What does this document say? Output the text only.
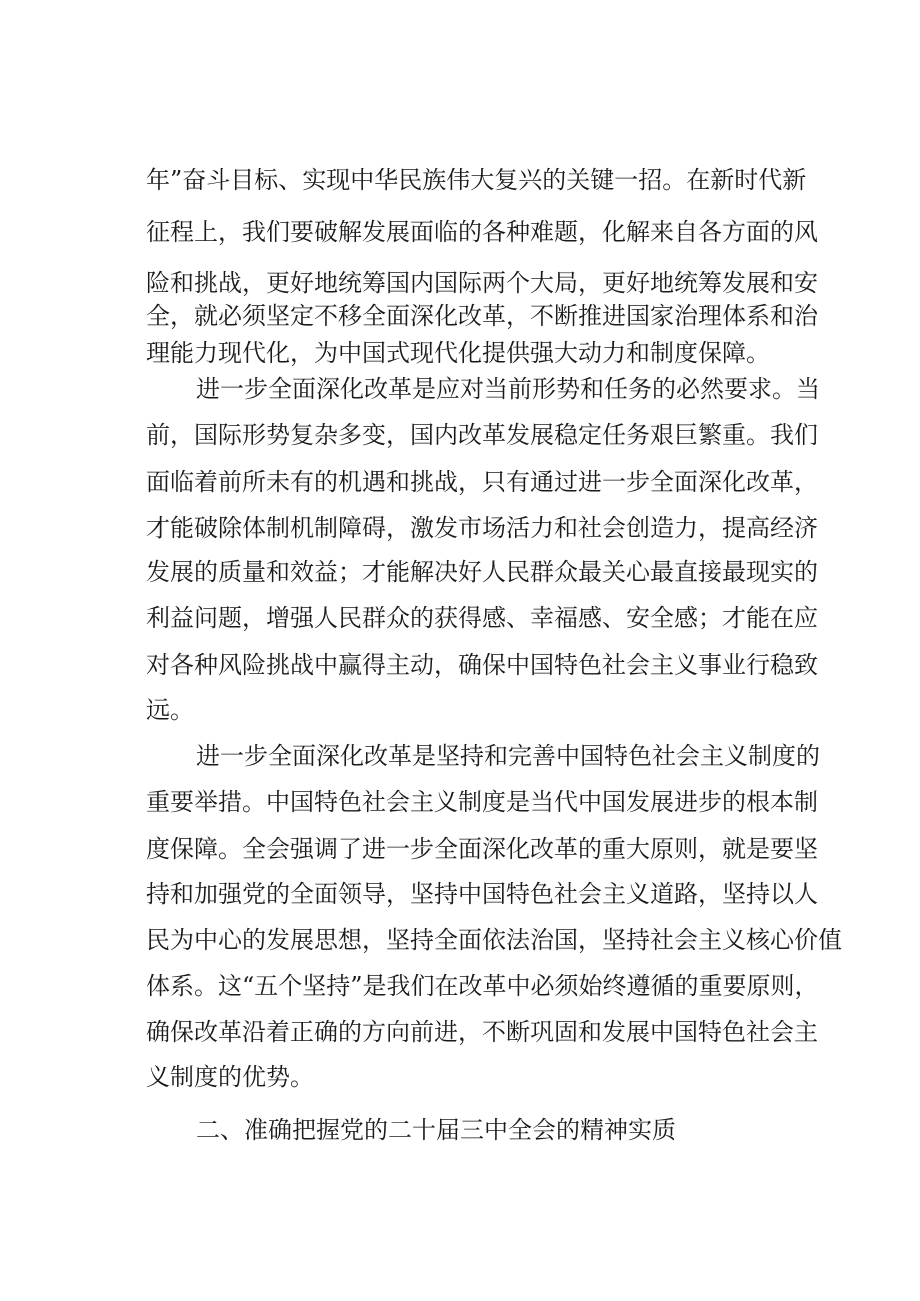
年”奋斗目标、实现中华民族伟大复兴的关键一招。在新时代新
征程上，我们要破解发展面临的各种难题，化解来自各方面的风
险和挑战，更好地统筹国内国际两个大局，更好地统筹发展和安
全，就必须坚定不移全面深化改革，不断推进国家治理体系和治
理能力现代化，为中国式现代化提供强大动力和制度保障。
进一步全面深化改革是应对当前形势和任务的必然要求。当
前，国际形势复杂多变，国内改革发展稳定任务艰巨繁重。我们
面临着前所未有的机遇和挑战，只有通过进一步全面深化改革，
才能破除体制机制障碍，激发市场活力和社会创造力，提高经济
发展的质量和效益；才能解决好人民群众最关心最直接最现实的
利益问题，增强人民群众的获得感、幸福感、安全感；才能在应
对各种风险挑战中赢得主动，确保中国特色社会主义事业行稳致
远。
进一步全面深化改革是坚持和完善中国特色社会主义制度的
重要举措。中国特色社会主义制度是当代中国发展进步的根本制
度保障。全会强调了进一步全面深化改革的重大原则，就是要坚
持和加强党的全面领导，坚持中国特色社会主义道路，坚持以人
民为中心的发展思想，坚持全面依法治国，坚持社会主义核心价值
体系。这“五个坚持”是我们在改革中必须始终遵循的重要原则，
确保改革沿着正确的方向前进，不断巩固和发展中国特色社会主
义制度的优势。
二、准确把握党的二十届三中全会的精神实质
